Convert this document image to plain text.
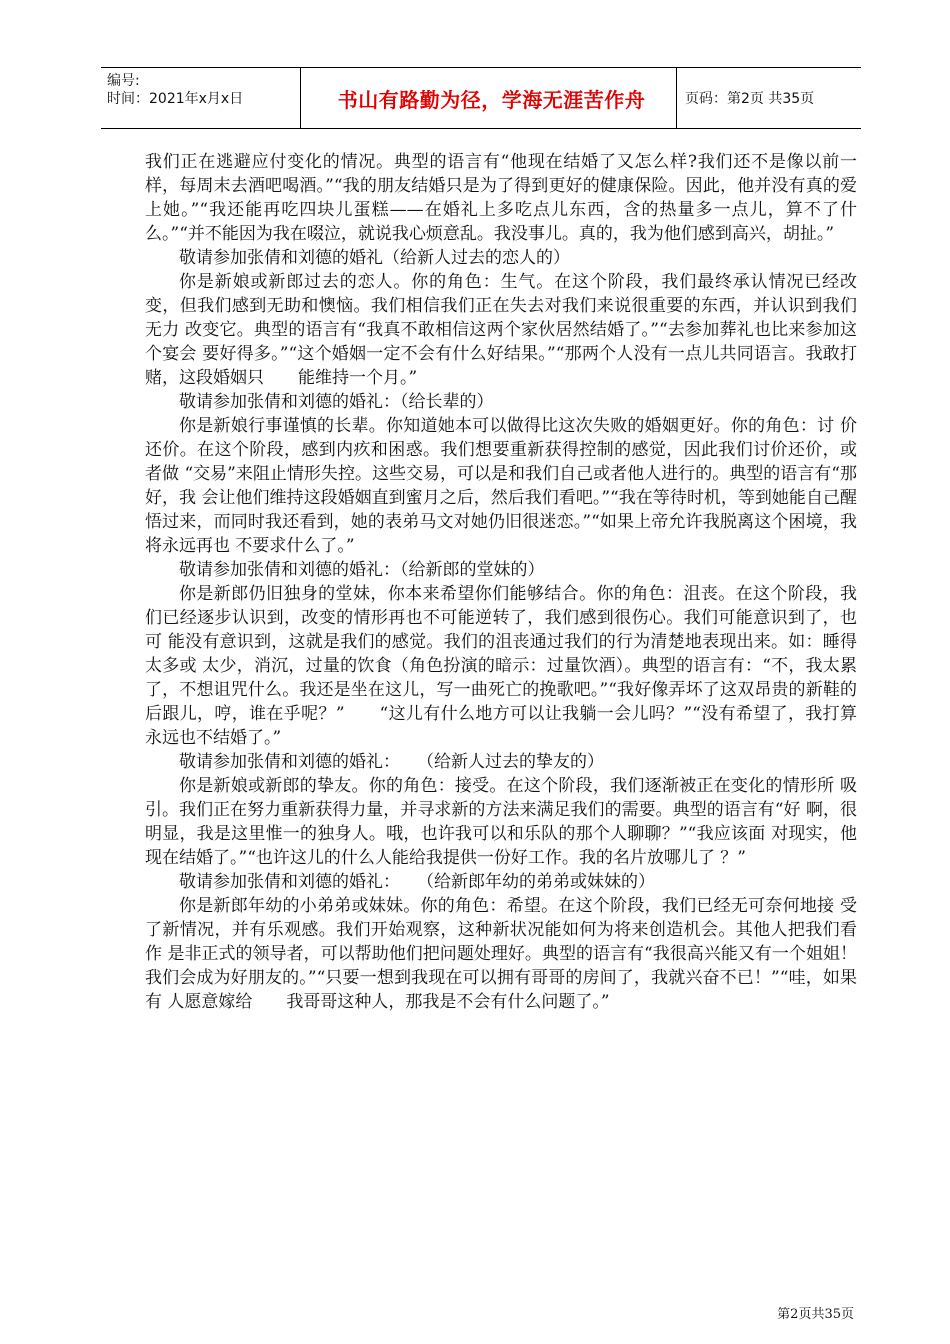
编号:
时间：2021年x月x日	书山有路勤为径，学海无涯苦作舟	页码：第2页 共35页

我们正在逃避应付变化的情况。典型的语言有“他现在结婚了又怎么样?我们还不是像以前一样，每周末去酒吧喝酒。”“我的朋友结婚只是为了得到更好的健康保险。因此，他并没有真的爱上她。”“我还能再吃四块儿蛋糕——在婚礼上多吃点儿东西，含的热量多一点儿，算不了什么。”“并不能因为我在啜泣，就说我心烦意乱。我没事儿。真的，我为他们感到高兴，胡扯。”

敬请参加张倩和刘德的婚礼（给新人过去的恋人的）

你是新娘或新郎过去的恋人。你的角色：生气。在这个阶段，我们最终承认情况已经改 变，但我们感到无助和懊恼。我们相信我们正在失去对我们来说很重要的东西，并认识到我们无力 改变它。典型的语言有“我真不敢相信这两个家伙居然结婚了。”“去参加葬礼也比来参加这个宴会 要好得多。”“这个婚姻一定不会有什么好结果。”“那两个人没有一点儿共同语言。我敢打赌，这段婚姻只　　能维持一个月。”

敬请参加张倩和刘德的婚礼：（给长辈的）

你是新娘行事谨慎的长辈。你知道她本可以做得比这次失败的婚姻更好。你的角色：讨 价还价。在这个阶段，感到内疚和困惑。我们想要重新获得控制的感觉，因此我们讨价还价，或者做 “交易”来阻止情形失控。这些交易，可以是和我们自己或者他人进行的。典型的语言有“那好，我 会让他们维持这段婚姻直到蜜月之后，然后我们看吧。”“我在等待时机，等到她能自己醒悟过来，而同时我还看到，她的表弟马文对她仍旧很迷恋。”“如果上帝允许我脱离这个困境，我将永远再也 不要求什么了。”

敬请参加张倩和刘德的婚礼：（给新郎的堂妹的）

你是新郎仍旧独身的堂妹，你本来希望你们能够结合。你的角色：沮丧。在这个阶段，我们已经逐步认识到，改变的情形再也不可能逆转了，我们感到很伤心。我们可能意识到了，也可 能没有意识到，这就是我们的感觉。我们的沮丧通过我们的行为清楚地表现出来。如：睡得太多或 太少，消沉，过量的饮食（角色扮演的暗示：过量饮酒）。典型的语言有：“不，我太累了，不想诅咒什么。我还是坐在这儿，写一曲死亡的挽歌吧。”“我好像弄坏了这双昂贵的新鞋的后跟儿，哼，谁在乎呢？”　　“这儿有什么地方可以让我躺一会儿吗？”“没有希望了，我打算永远也不结婚了。”

敬请参加张倩和刘德的婚礼：　　（给新人过去的挚友的）

你是新娘或新郎的挚友。你的角色：接受。在这个阶段，我们逐渐被正在变化的情形所 吸引。我们正在努力重新获得力量，并寻求新的方法来满足我们的需要。典型的语言有“好 啊，很明显，我是这里惟一的独身人。哦，也许我可以和乐队的那个人聊聊？”“我应该面 对现实，他现在结婚了。”“也许这儿的什么人能给我提供一份好工作。我的名片放哪儿了 ？”

敬请参加张倩和刘德的婚礼：　　（给新郎年幼的弟弟或妹妹的）

你是新郎年幼的小弟弟或妹妹。你的角色：希望。在这个阶段，我们已经无可奈何地接 受了新情况，并有乐观感。我们开始观察，这种新状况能如何为将来创造机会。其他人把我们看作 是非正式的领导者，可以帮助他们把问题处理好。典型的语言有“我很高兴能又有一个姐姐！我们会成为好朋友的。”“只要一想到我现在可以拥有哥哥的房间了，我就兴奋不已！”“哇，如果有 人愿意嫁给　　我哥哥这种人，那我是不会有什么问题了。”

第2页共35页
